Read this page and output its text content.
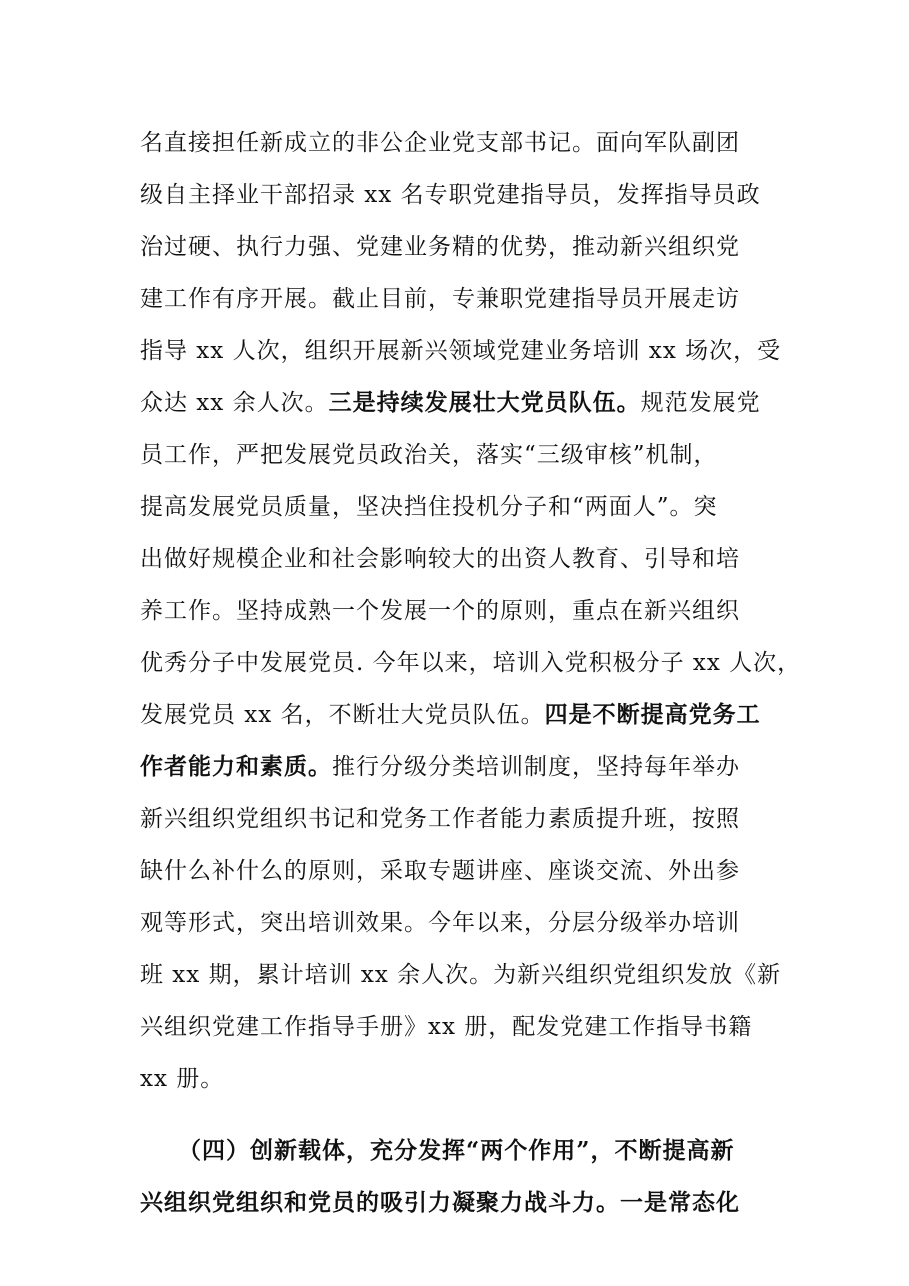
名直接担任新成立的非公企业党支部书记。面向军队副团
级自主择业干部招录 xx 名专职党建指导员，发挥指导员政
治过硬、执行力强、党建业务精的优势，推动新兴组织党
建工作有序开展。截止目前，专兼职党建指导员开展走访
指导 xx 人次，组织开展新兴领域党建业务培训 xx 场次，受
众达 xx 余人次。三是持续发展壮大党员队伍。规范发展党
员工作，严把发展党员政治关，落实“三级审核”机制，
提高发展党员质量，坚决挡住投机分子和“两面人”。突
出做好规模企业和社会影响较大的出资人教育、引导和培
养工作。坚持成熟一个发展一个的原则，重点在新兴组织
优秀分子中发展党员. 今年以来，培训入党积极分子 xx 人次，
发展党员 xx 名，不断壮大党员队伍。四是不断提高党务工
作者能力和素质。推行分级分类培训制度，坚持每年举办
新兴组织党组织书记和党务工作者能力素质提升班，按照
缺什么补什么的原则，采取专题讲座、座谈交流、外出参
观等形式，突出培训效果。今年以来，分层分级举办培训
班 xx 期，累计培训 xx 余人次。为新兴组织党组织发放《新
兴组织党建工作指导手册》xx 册，配发党建工作指导书籍
xx 册。
（四）创新载体，充分发挥“两个作用”，不断提高新
兴组织党组织和党员的吸引力凝聚力战斗力。一是常态化
